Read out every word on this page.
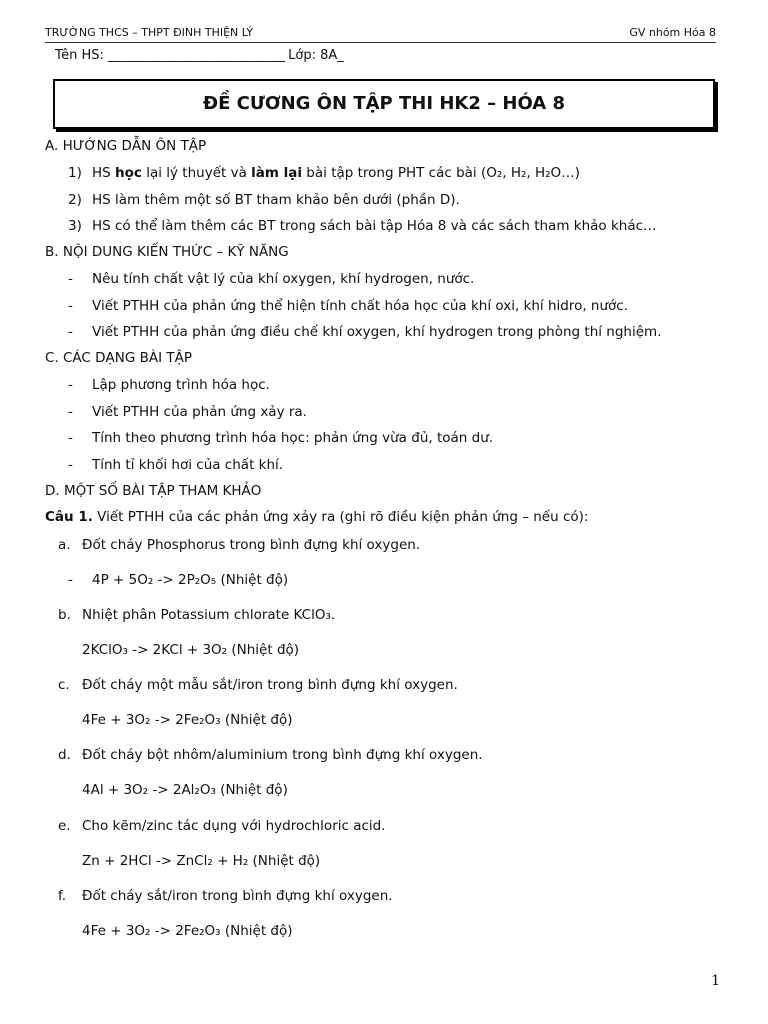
TRƯỜNG THCS – THPT ĐINH THIỆN LÝ	GV nhóm Hóa 8
Tên HS: ________________________________ Lớp: 8A_
ĐỀ CƯƠNG ÔN TẬP THI HK2 – HÓA 8
A. HƯỚNG DẪN ÔN TẬP
1) HS học lại lý thuyết và làm lại bài tập trong PHT các bài (O₂, H₂, H₂O…)
2) HS làm thêm một số BT tham khảo bên dưới (phần D).
3) HS có thể làm thêm các BT trong sách bài tập Hóa 8 và các sách tham khảo khác…
B. NỘI DUNG KIẾN THỨC – KỸ NĂNG
- Nêu tính chất vật lý của khí oxygen, khí hydrogen, nước.
- Viết PTHH của phản ứng thể hiện tính chất hóa học của khí oxi, khí hidro, nước.
- Viết PTHH của phản ứng điều chế khí oxygen, khí hydrogen trong phòng thí nghiệm.
C. CÁC DẠNG BÀI TẬP
- Lập phương trình hóa học.
- Viết PTHH của phản ứng xảy ra.
- Tính theo phương trình hóa học: phản ứng vừa đủ, toán dư.
- Tính tỉ khối hơi của chất khí.
D. MỘT SỐ BÀI TẬP THAM KHẢO
Câu 1. Viết PTHH của các phản ứng xảy ra (ghi rõ điều kiện phản ứng – nếu có):
a. Đốt cháy Phosphorus trong bình đựng khí oxygen.
- 4P + 5O₂ -> 2P₂O₅ (Nhiệt độ)
b. Nhiệt phân Potassium chlorate KClO₃.
2KClO₃ -> 2KCl + 3O₂ (Nhiệt độ)
c. Đốt cháy một mẫu sắt/iron trong bình đựng khí oxygen.
4Fe + 3O₂ -> 2Fe₂O₃ (Nhiệt độ)
d. Đốt cháy bột nhôm/aluminium trong bình đựng khí oxygen.
4Al + 3O₂ -> 2Al₂O₃ (Nhiệt độ)
e. Cho kẽm/zinc tác dụng với hydrochloric acid.
Zn + 2HCl -> ZnCl₂ + H₂ (Nhiệt độ)
f. Đốt cháy sắt/iron trong bình đựng khí oxygen.
4Fe + 3O₂ -> 2Fe₂O₃ (Nhiệt độ)
1
